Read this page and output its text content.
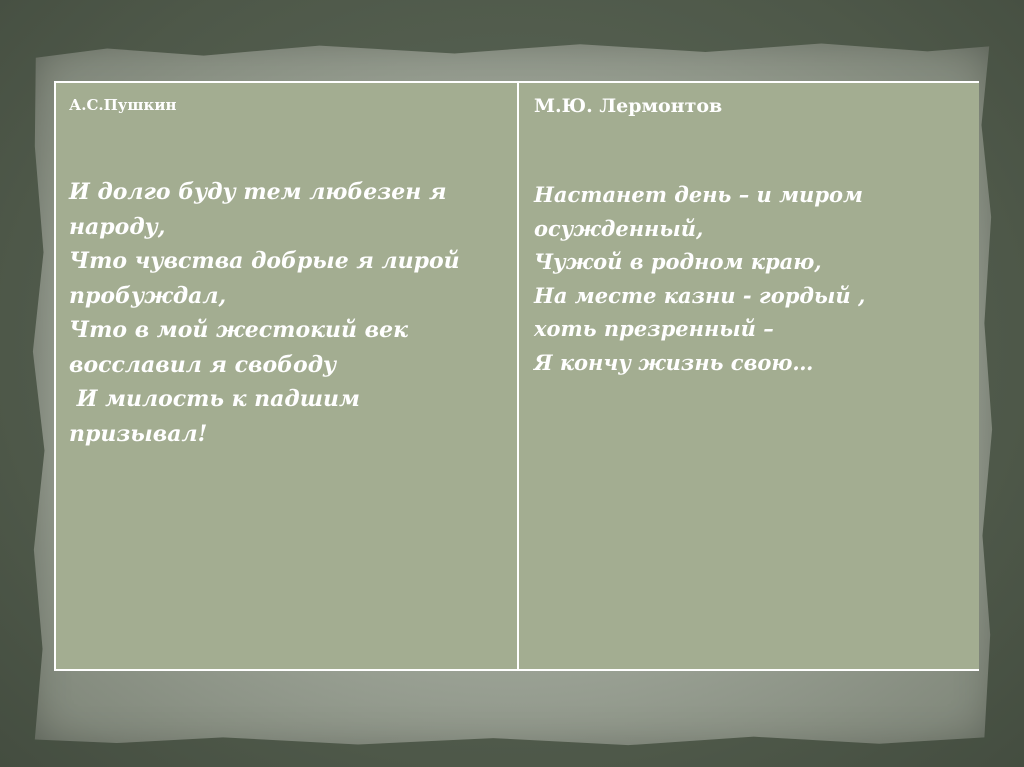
А.С.Пушкин

И долго буду тем любезен я
народу,
Что чувства добрые я лирой
пробуждал,
Что в мой жестокий век
восславил я свободу
И милость к падшим
призывал!

М.Ю. Лермонтов

Настанет день – и миром
осужденный,
Чужой в родном краю,
На месте казни - гордый ,
хоть презренный –
Я кончу жизнь свою…
